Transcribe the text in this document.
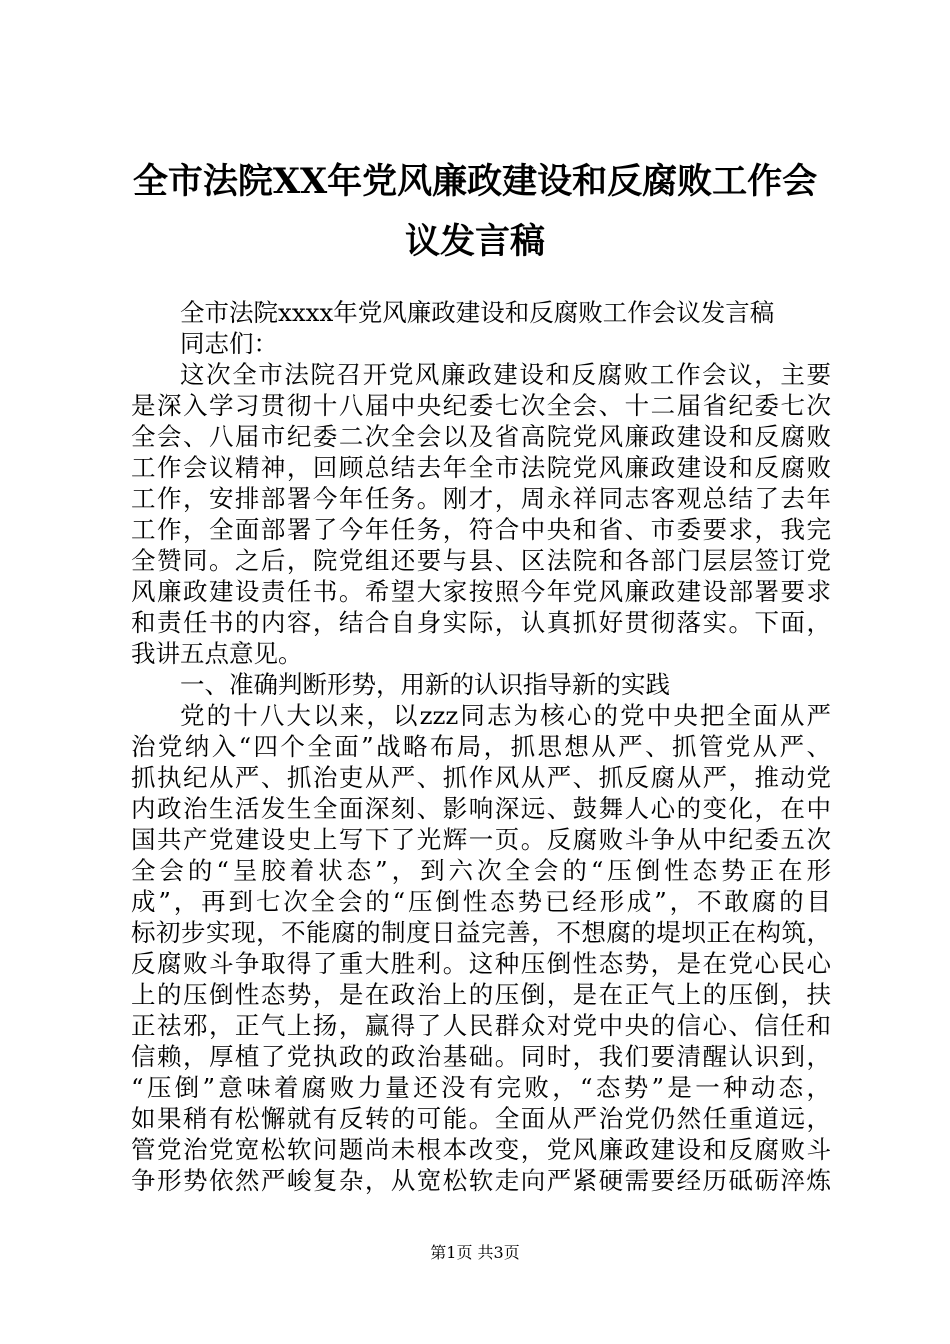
全市法院XX年党风廉政建设和反腐败工作会
议发言稿
全市法院xxxx年党风廉政建设和反腐败工作会议发言稿
同志们：
这次全市法院召开党风廉政建设和反腐败工作会议，主要
是深入学习贯彻十八届中央纪委七次全会、十二届省纪委七次
全会、八届市纪委二次全会以及省高院党风廉政建设和反腐败
工作会议精神，回顾总结去年全市法院党风廉政建设和反腐败
工作，安排部署今年任务。刚才，周永祥同志客观总结了去年
工作，全面部署了今年任务，符合中央和省、市委要求，我完
全赞同。之后，院党组还要与县、区法院和各部门层层签订党
风廉政建设责任书。希望大家按照今年党风廉政建设部署要求
和责任书的内容，结合自身实际，认真抓好贯彻落实。下面，
我讲五点意见。
一、准确判断形势，用新的认识指导新的实践
党的十八大以来，以zzz同志为核心的党中央把全面从严
治党纳入“四个全面”战略布局，抓思想从严、抓管党从严、
抓执纪从严、抓治吏从严、抓作风从严、抓反腐从严，推动党
内政治生活发生全面深刻、影响深远、鼓舞人心的变化，在中
国共产党建设史上写下了光辉一页。反腐败斗争从中纪委五次
全会的“呈胶着状态”，到六次全会的“压倒性态势正在形
成”，再到七次全会的“压倒性态势已经形成”，不敢腐的目
标初步实现，不能腐的制度日益完善，不想腐的堤坝正在构筑，
反腐败斗争取得了重大胜利。这种压倒性态势，是在党心民心
上的压倒性态势，是在政治上的压倒，是在正气上的压倒，扶
正祛邪，正气上扬，赢得了人民群众对党中央的信心、信任和
信赖，厚植了党执政的政治基础。同时，我们要清醒认识到，
“压倒”意味着腐败力量还没有完败，“态势”是一种动态，
如果稍有松懈就有反转的可能。全面从严治党仍然任重道远，
管党治党宽松软问题尚未根本改变，党风廉政建设和反腐败斗
争形势依然严峻复杂，从宽松软走向严紧硬需要经历砥砺淬炼
第1页 共3页
